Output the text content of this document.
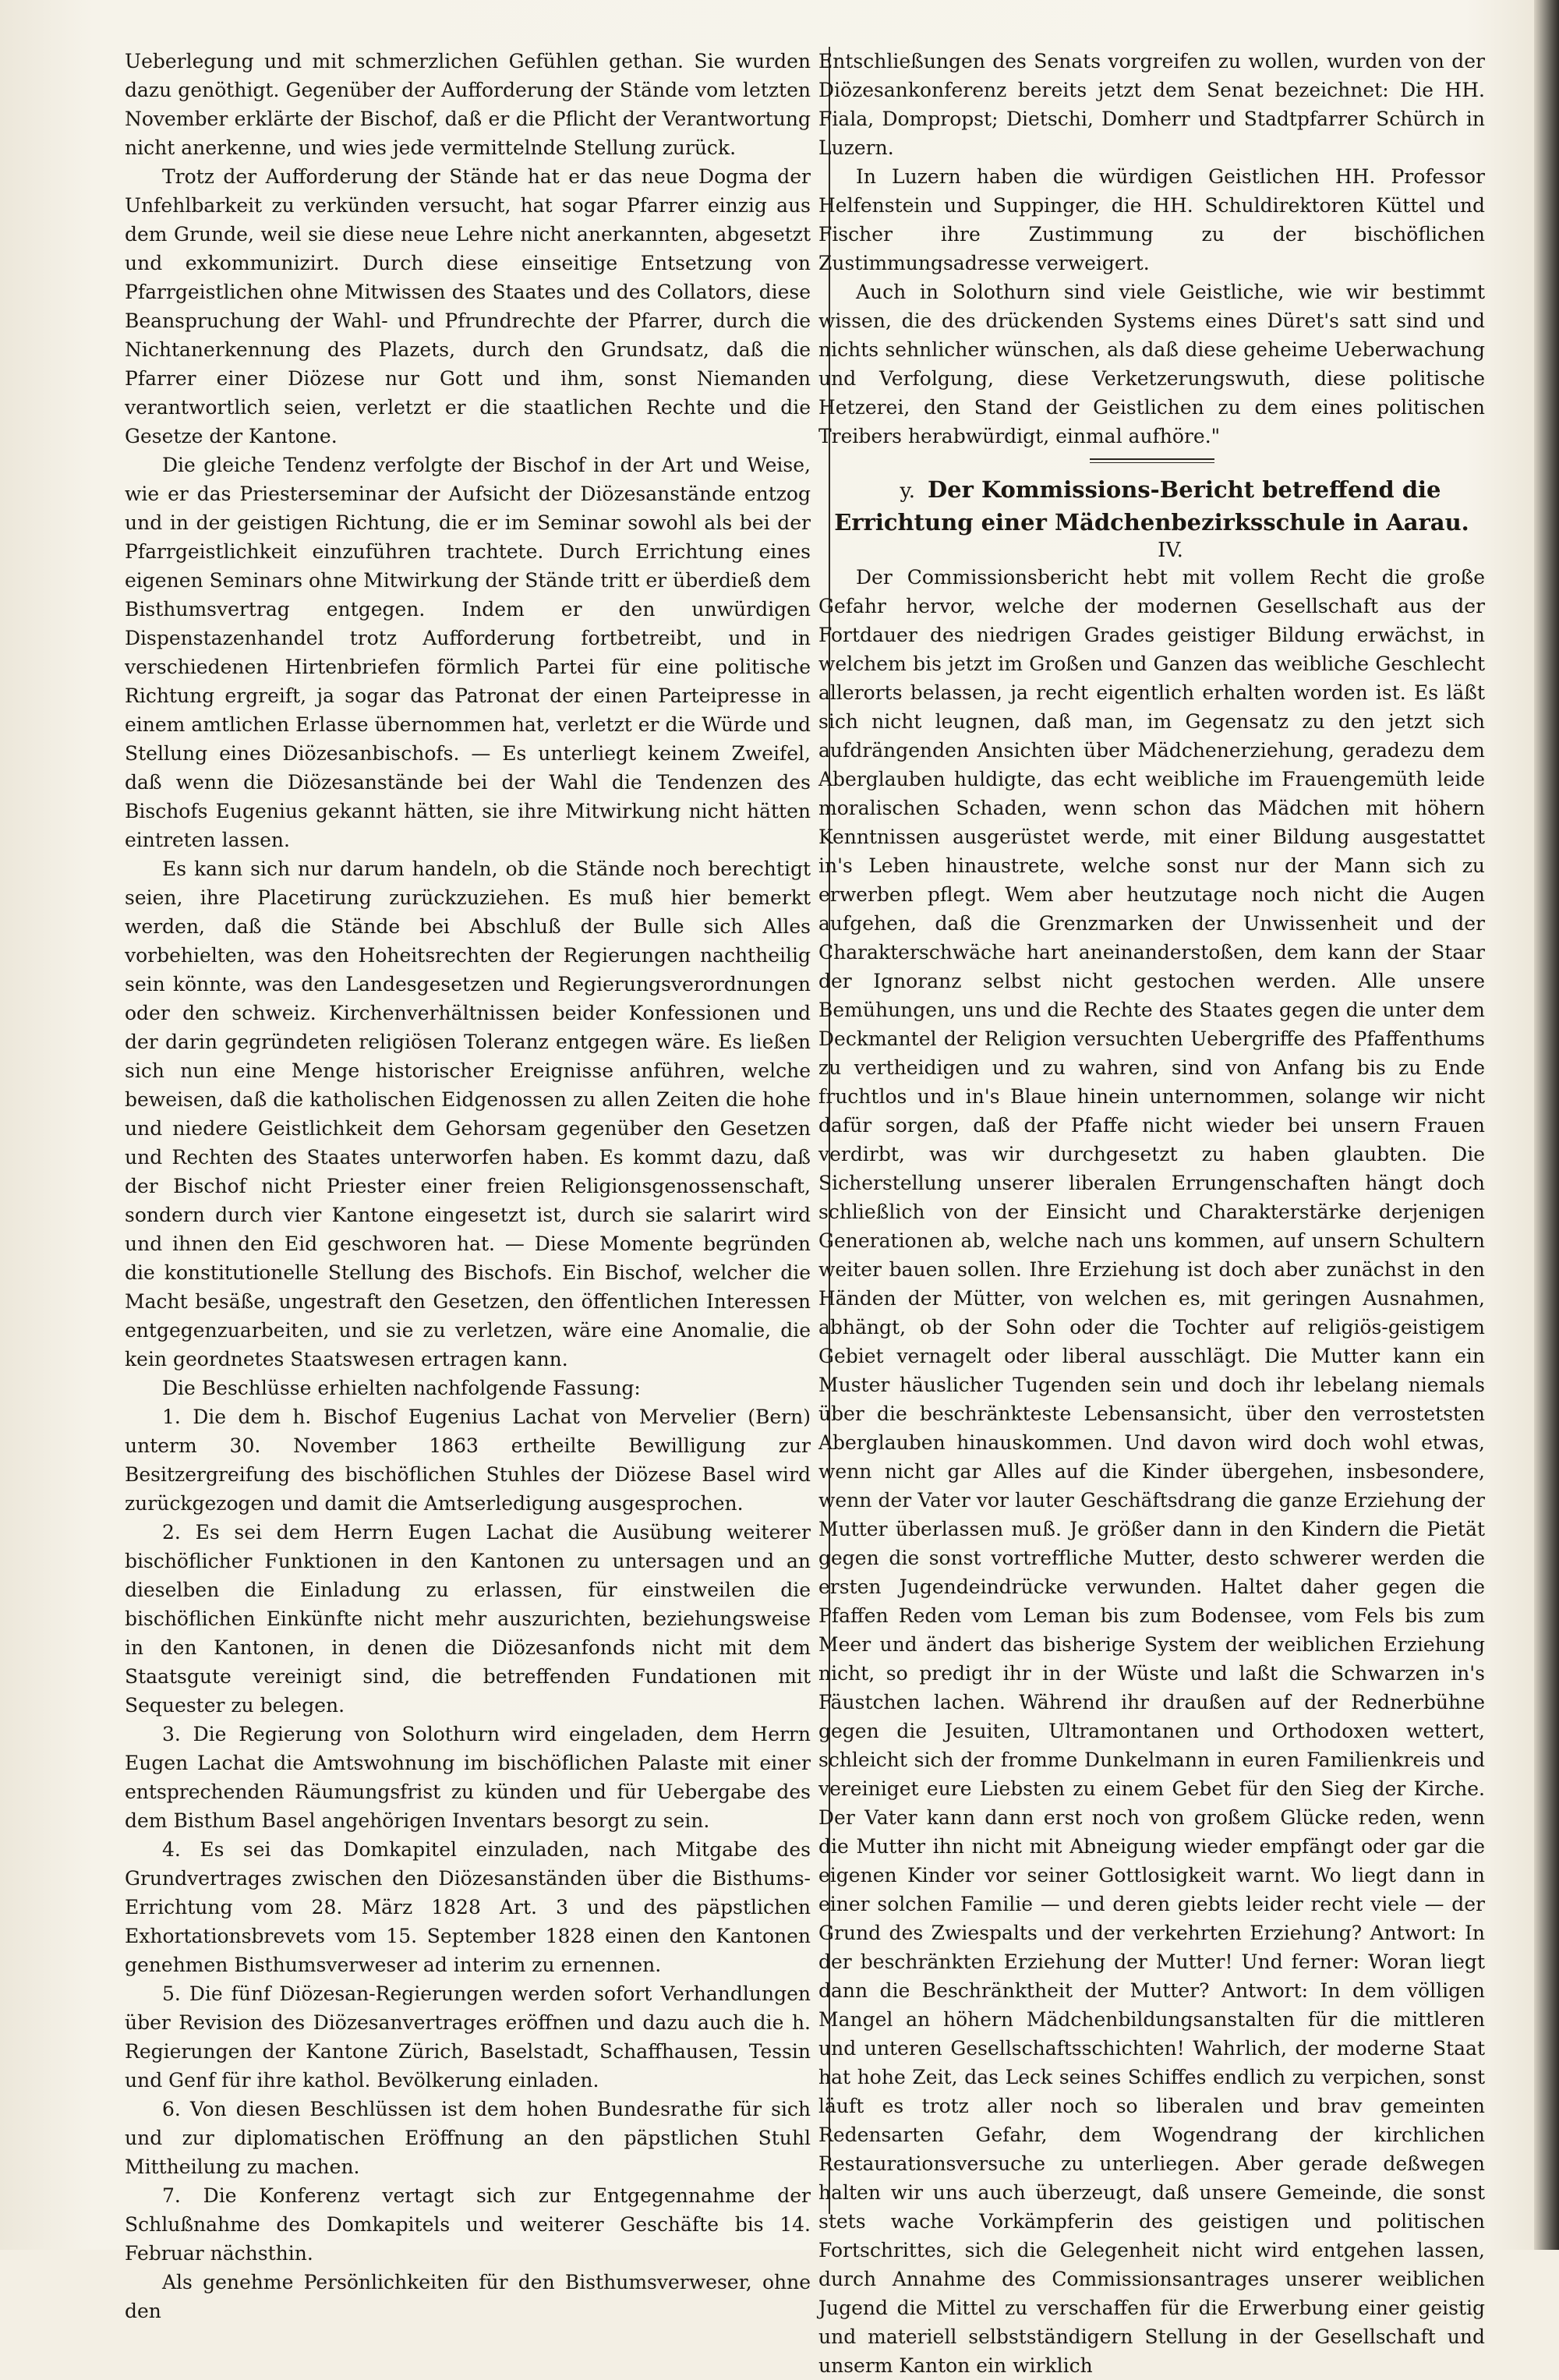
Ueberlegung und mit schmerzlichen Gefühlen gethan. Sie wurden dazu genöthigt. Gegenüber der Aufforderung der Stände vom letzten November erklärte der Bischof, daß er die Pflicht der Verantwortung nicht anerkenne, und wies jede vermittelnde Stellung zurück.

Trotz der Aufforderung der Stände hat er das neue Dogma der Unfehlbarkeit zu verkünden versucht, hat sogar Pfarrer einzig aus dem Grunde, weil sie diese neue Lehre nicht anerkannten, abgesetzt und exkommunizirt. Durch diese einseitige Entsetzung von Pfarrgeistlichen ohne Mitwissen des Staates und des Collators, diese Beanspruchung der Wahl- und Pfrundrechte der Pfarrer, durch die Nichtanerkennung des Plazets, durch den Grundsatz, daß die Pfarrer einer Diözese nur Gott und ihm, sonst Niemanden verantwortlich seien, verletzt er die staatlichen Rechte und die Gesetze der Kantone.

Die gleiche Tendenz verfolgte der Bischof in der Art und Weise, wie er das Priesterseminar der Aufsicht der Diözesanstände entzog und in der geistigen Richtung, die er im Seminar sowohl als bei der Pfarrgeistlichkeit einzuführen trachtete. Durch Errichtung eines eigenen Seminars ohne Mitwirkung der Stände tritt er überdieß dem Bisthumsvertrag entgegen. Indem er den unwürdigen Dispenstazenhandel trotz Aufforderung fortbetreibt, und in verschiedenen Hirtenbriefen förmlich Partei für eine politische Richtung ergreift, ja sogar das Patronat der einen Parteipresse in einem amtlichen Erlasse übernommen hat, verletzt er die Würde und Stellung eines Diözesanbischofs. — Es unterliegt keinem Zweifel, daß wenn die Diözesanstände bei der Wahl die Tendenzen des Bischofs Eugenius gekannt hätten, sie ihre Mitwirkung nicht hätten eintreten lassen.

Es kann sich nur darum handeln, ob die Stände noch berechtigt seien, ihre Placetirung zurückzuziehen. Es muß hier bemerkt werden, daß die Stände bei Abschluß der Bulle sich Alles vorbehielten, was den Hoheitsrechten der Regierungen nachtheilig sein könnte, was den Landesgesetzen und Regierungsverordnungen oder den schweiz. Kirchenverhältnissen beider Konfessionen und der darin gegründeten religiösen Toleranz entgegen wäre. Es ließen sich nun eine Menge historischer Ereignisse anführen, welche beweisen, daß die katholischen Eidgenossen zu allen Zeiten die hohe und niedere Geistlichkeit dem Gehorsam gegenüber den Gesetzen und Rechten des Staates unterworfen haben. Es kommt dazu, daß der Bischof nicht Priester einer freien Religionsgenossenschaft, sondern durch vier Kantone eingesetzt ist, durch sie salarirt wird und ihnen den Eid geschworen hat. — Diese Momente begründen die konstitutionelle Stellung des Bischofs. Ein Bischof, welcher die Macht besäße, ungestraft den Gesetzen, den öffentlichen Interessen entgegenzuarbeiten, und sie zu verletzen, wäre eine Anomalie, die kein geordnetes Staatswesen ertragen kann.

Die Beschlüsse erhielten nachfolgende Fassung:

1. Die dem h. Bischof Eugenius Lachat von Mervelier (Bern) unterm 30. November 1863 ertheilte Bewilligung zur Besitzergreifung des bischöflichen Stuhles der Diözese Basel wird zurückgezogen und damit die Amtserledigung ausgesprochen.

2. Es sei dem Herrn Eugen Lachat die Ausübung weiterer bischöflicher Funktionen in den Kantonen zu untersagen und an dieselben die Einladung zu erlassen, für einstweilen die bischöflichen Einkünfte nicht mehr auszurichten, beziehungsweise in den Kantonen, in denen die Diözesanfonds nicht mit dem Staatsgute vereinigt sind, die betreffenden Fundationen mit Sequester zu belegen.

3. Die Regierung von Solothurn wird eingeladen, dem Herrn Eugen Lachat die Amtswohnung im bischöflichen Palaste mit einer entsprechenden Räumungsfrist zu künden und für Uebergabe des dem Bisthum Basel angehörigen Inventars besorgt zu sein.

4. Es sei das Domkapitel einzuladen, nach Mitgabe des Grundvertrages zwischen den Diözesanständen über die Bisthums-Errichtung vom 28. März 1828 Art. 3 und des päpstlichen Exhortationsbrevets vom 15. September 1828 einen den Kantonen genehmen Bisthumsverweser ad interim zu ernennen.

5. Die fünf Diözesan-Regierungen werden sofort Verhandlungen über Revision des Diözesanvertrages eröffnen und dazu auch die h. Regierungen der Kantone Zürich, Baselstadt, Schaffhausen, Tessin und Genf für ihre kathol. Bevölkerung einladen.

6. Von diesen Beschlüssen ist dem hohen Bundesrathe für sich und zur diplomatischen Eröffnung an den päpstlichen Stuhl Mittheilung zu machen.

7. Die Konferenz vertagt sich zur Entgegennahme der Schlußnahme des Domkapitels und weiterer Geschäfte bis 14. Februar nächsthin.

Als genehme Persönlichkeiten für den Bisthumsverweser, ohne den

Entschließungen des Senats vorgreifen zu wollen, wurden von der Diözesankonferenz bereits jetzt dem Senat bezeichnet: Die HH. Fiala, Dompropst; Dietschi, Domherr und Stadtpfarrer Schürch in Luzern.

In Luzern haben die würdigen Geistlichen HH. Professor Helfenstein und Suppinger, die HH. Schuldirektoren Küttel und Fischer ihre Zustimmung zu der bischöflichen Zustimmungsadresse verweigert.

Auch in Solothurn sind viele Geistliche, wie wir bestimmt wissen, die des drückenden Systems eines Düret's satt sind und nichts sehnlicher wünschen, als daß diese geheime Ueberwachung und Verfolgung, diese Verketzerungswuth, diese politische Hetzerei, den Stand der Geistlichen zu dem eines politischen Treibers herabwürdigt, einmal aufhöre."

y. Der Kommissions-Bericht betreffend die Errichtung einer Mädchenbezirksschule in Aarau.

IV.

Der Commissionsbericht hebt mit vollem Recht die große Gefahr hervor, welche der modernen Gesellschaft aus der Fortdauer des niedrigen Grades geistiger Bildung erwächst, in welchem bis jetzt im Großen und Ganzen das weibliche Geschlecht allerorts belassen, ja recht eigentlich erhalten worden ist. Es läßt sich nicht leugnen, daß man, im Gegensatz zu den jetzt sich aufdrängenden Ansichten über Mädchenerziehung, geradezu dem Aberglauben huldigte, das echt weibliche im Frauengemüth leide moralischen Schaden, wenn schon das Mädchen mit höhern Kenntnissen ausgerüstet werde, mit einer Bildung ausgestattet in's Leben hinaustrete, welche sonst nur der Mann sich zu erwerben pflegt. Wem aber heutzutage noch nicht die Augen aufgehen, daß die Grenzmarken der Unwissenheit und der Charakterschwäche hart aneinanderstoßen, dem kann der Staar der Ignoranz selbst nicht gestochen werden. Alle unsere Bemühungen, uns und die Rechte des Staates gegen die unter dem Deckmantel der Religion versuchten Uebergriffe des Pfaffenthums zu vertheidigen und zu wahren, sind von Anfang bis zu Ende fruchtlos und in's Blaue hinein unternommen, solange wir nicht dafür sorgen, daß der Pfaffe nicht wieder bei unsern Frauen verdirbt, was wir durchgesetzt zu haben glaubten. Die Sicherstellung unserer liberalen Errungenschaften hängt doch schließlich von der Einsicht und Charakterstärke derjenigen Generationen ab, welche nach uns kommen, auf unsern Schultern weiter bauen sollen. Ihre Erziehung ist doch aber zunächst in den Händen der Mütter, von welchen es, mit geringen Ausnahmen, abhängt, ob der Sohn oder die Tochter auf religiös-geistigem Gebiet vernagelt oder liberal ausschlägt. Die Mutter kann ein Muster häuslicher Tugenden sein und doch ihr lebelang niemals über die beschränkteste Lebensansicht, über den verrostetsten Aberglauben hinauskommen. Und davon wird doch wohl etwas, wenn nicht gar Alles auf die Kinder übergehen, insbesondere, wenn der Vater vor lauter Geschäftsdrang die ganze Erziehung der Mutter überlassen muß. Je größer dann in den Kindern die Pietät gegen die sonst vortreffliche Mutter, desto schwerer werden die ersten Jugendeindrücke verwunden. Haltet daher gegen die Pfaffen Reden vom Leman bis zum Bodensee, vom Fels bis zum Meer und ändert das bisherige System der weiblichen Erziehung nicht, so predigt ihr in der Wüste und laßt die Schwarzen in's Fäustchen lachen. Während ihr draußen auf der Rednerbühne gegen die Jesuiten, Ultramontanen und Orthodoxen wettert, schleicht sich der fromme Dunkelmann in euren Familienkreis und vereiniget eure Liebsten zu einem Gebet für den Sieg der Kirche. Der Vater kann dann erst noch von großem Glücke reden, wenn die Mutter ihn nicht mit Abneigung wieder empfängt oder gar die eigenen Kinder vor seiner Gottlosigkeit warnt. Wo liegt dann in einer solchen Familie — und deren giebts leider recht viele — der Grund des Zwiespalts und der verkehrten Erziehung? Antwort: In der beschränkten Erziehung der Mutter! Und ferner: Woran liegt dann die Beschränktheit der Mutter? Antwort: In dem völligen Mangel an höhern Mädchenbildungsanstalten für die mittleren und unteren Gesellschaftsschichten! Wahrlich, der moderne Staat hat hohe Zeit, das Leck seines Schiffes endlich zu verpichen, sonst läuft es trotz aller noch so liberalen und brav gemeinten Redensarten Gefahr, dem Wogendrang der kirchlichen Restaurationsversuche zu unterliegen. Aber gerade deßwegen halten wir uns auch überzeugt, daß unsere Gemeinde, die sonst stets wache Vorkämpferin des geistigen und politischen Fortschrittes, sich die Gelegenheit nicht wird entgehen lassen, durch Annahme des Commissionsantrages unserer weiblichen Jugend die Mittel zu verschaffen für die Erwerbung einer geistig und materiell selbstständigern Stellung in der Gesellschaft und unserm Kanton ein wirklich
